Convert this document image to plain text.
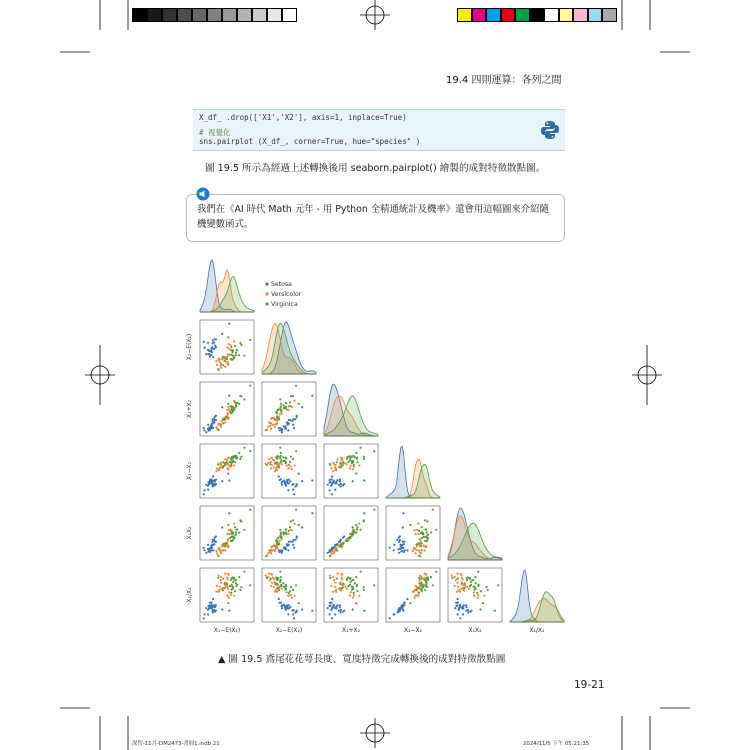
19.4 四則運算：各列之間
X_df_ .drop(['X1','X2'], axis=1, inplace=True)
# 視覺化
sns.pairplot (X_df_, corner=True, hue="species" )
圖 19.5 所示為經過上述轉換後用 seaborn.pairplot() 繪製的成對特徵散點圖。
我們在《AI 時代 Math 元年 - 用 Python 全精通統計及機率》還會用這幅圖來介紹隨機變數函式。
X₂−E(X₂)
X₁+X₂
X₁−X₂
X₁X₂
X₁/X₂
X₁−E(X₁)	X₂−E(X₂)	X₁+X₂	X₁−X₂	X₁X₂	X₁/X₂
Setosa
Versicolor
Virginica
▲ 圖 19.5 鳶尾花花萼長度、寬度特徵完成轉換後的成對特徵散點圖
19-21
深智-11月-DM2473-書冊1.indb 21	2024/11/5 下午 05:21:35
